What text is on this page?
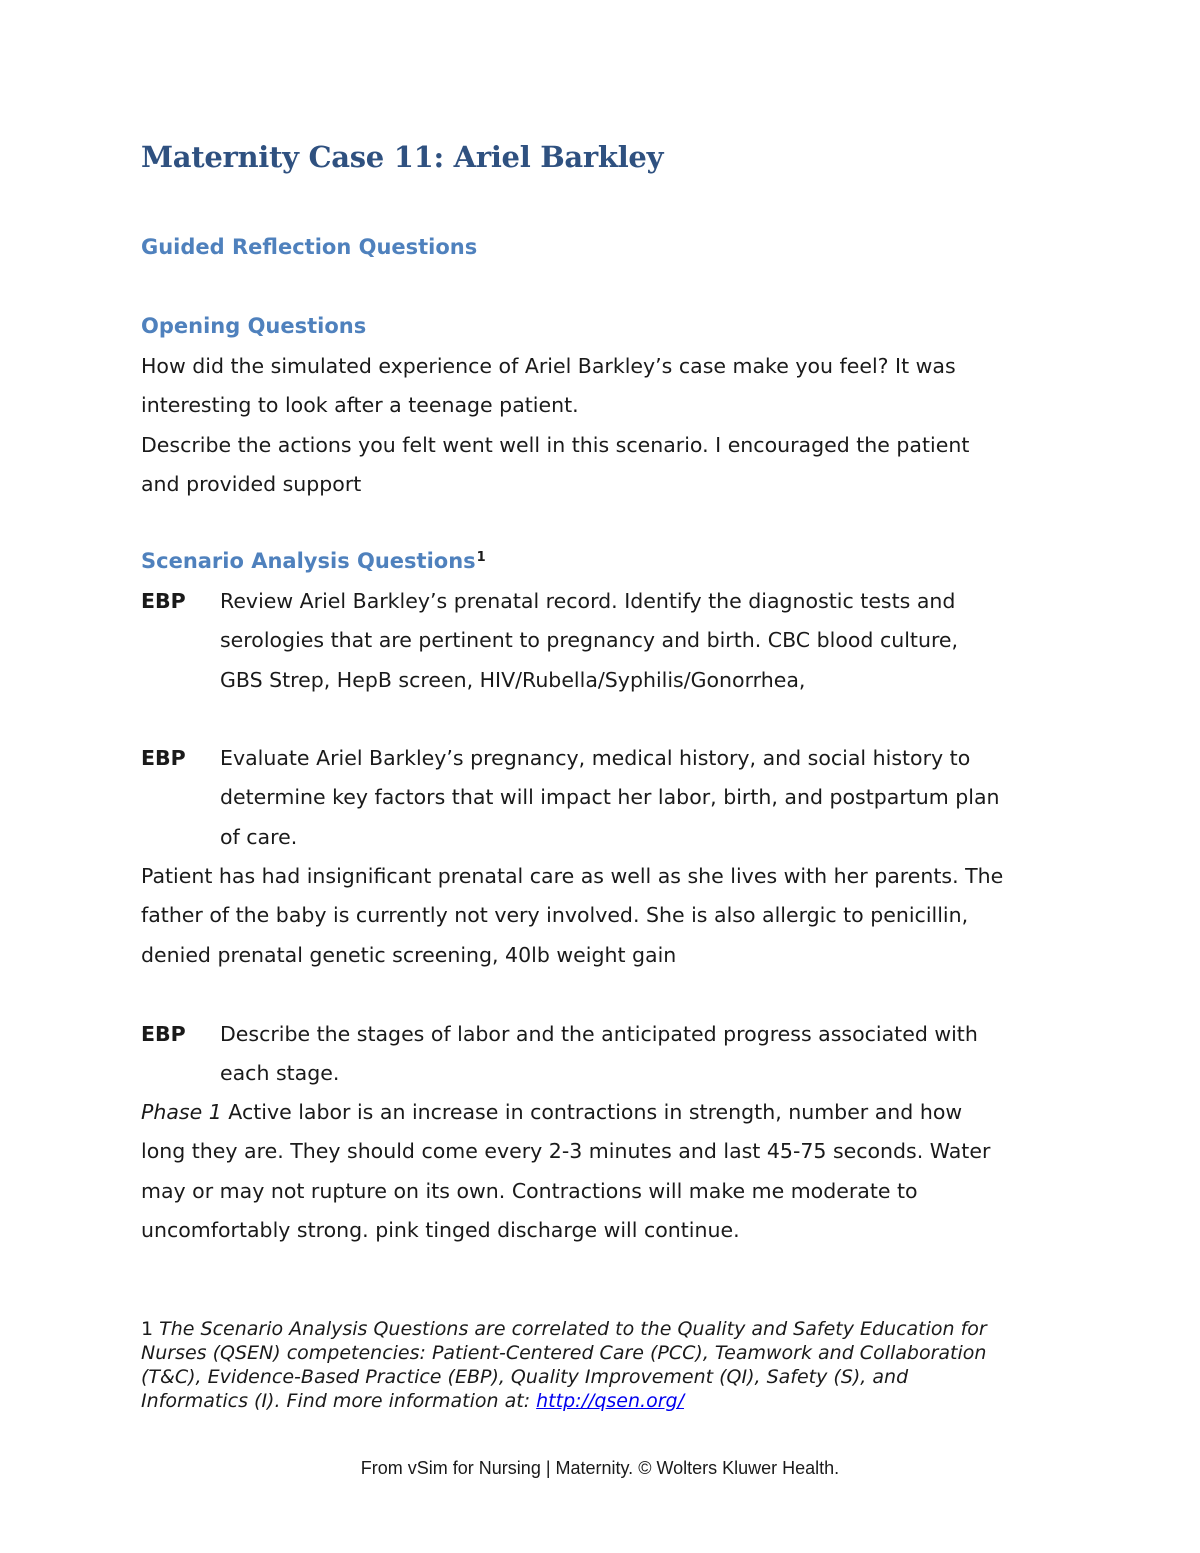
Maternity Case 11: Ariel Barkley
Guided Reflection Questions
Opening Questions
How did the simulated experience of Ariel Barkley’s case make you feel? It was
interesting to look after a teenage patient.
Describe the actions you felt went well in this scenario. I encouraged the patient
and provided support
Scenario Analysis Questions$^1$
EBP Review Ariel Barkley’s prenatal record. Identify the diagnostic tests and
serologies that are pertinent to pregnancy and birth. CBC blood culture,
GBS Strep, HepB screen, HIV/Rubella/Syphilis/Gonorrhea,
EBP Evaluate Ariel Barkley’s pregnancy, medical history, and social history to
determine key factors that will impact her labor, birth, and postpartum plan
of care.
Patient has had insignificant prenatal care as well as she lives with her parents. The
father of the baby is currently not very involved. She is also allergic to penicillin,
denied prenatal genetic screening, 40lb weight gain
EBP Describe the stages of labor and the anticipated progress associated with
each stage.
Phase 1 Active labor is an increase in contractions in strength, number and how
long they are. They should come every 2-3 minutes and last 45-75 seconds. Water
may or may not rupture on its own. Contractions will make me moderate to
uncomfortably strong. pink tinged discharge will continue.
1 The Scenario Analysis Questions are correlated to the Quality and Safety Education for
Nurses (QSEN) competencies: Patient-Centered Care (PCC), Teamwork and Collaboration
(T&C), Evidence-Based Practice (EBP), Quality Improvement (QI), Safety (S), and
Informatics (I). Find more information at: http://qsen.org/
From vSim for Nursing | Maternity. © Wolters Kluwer Health.
